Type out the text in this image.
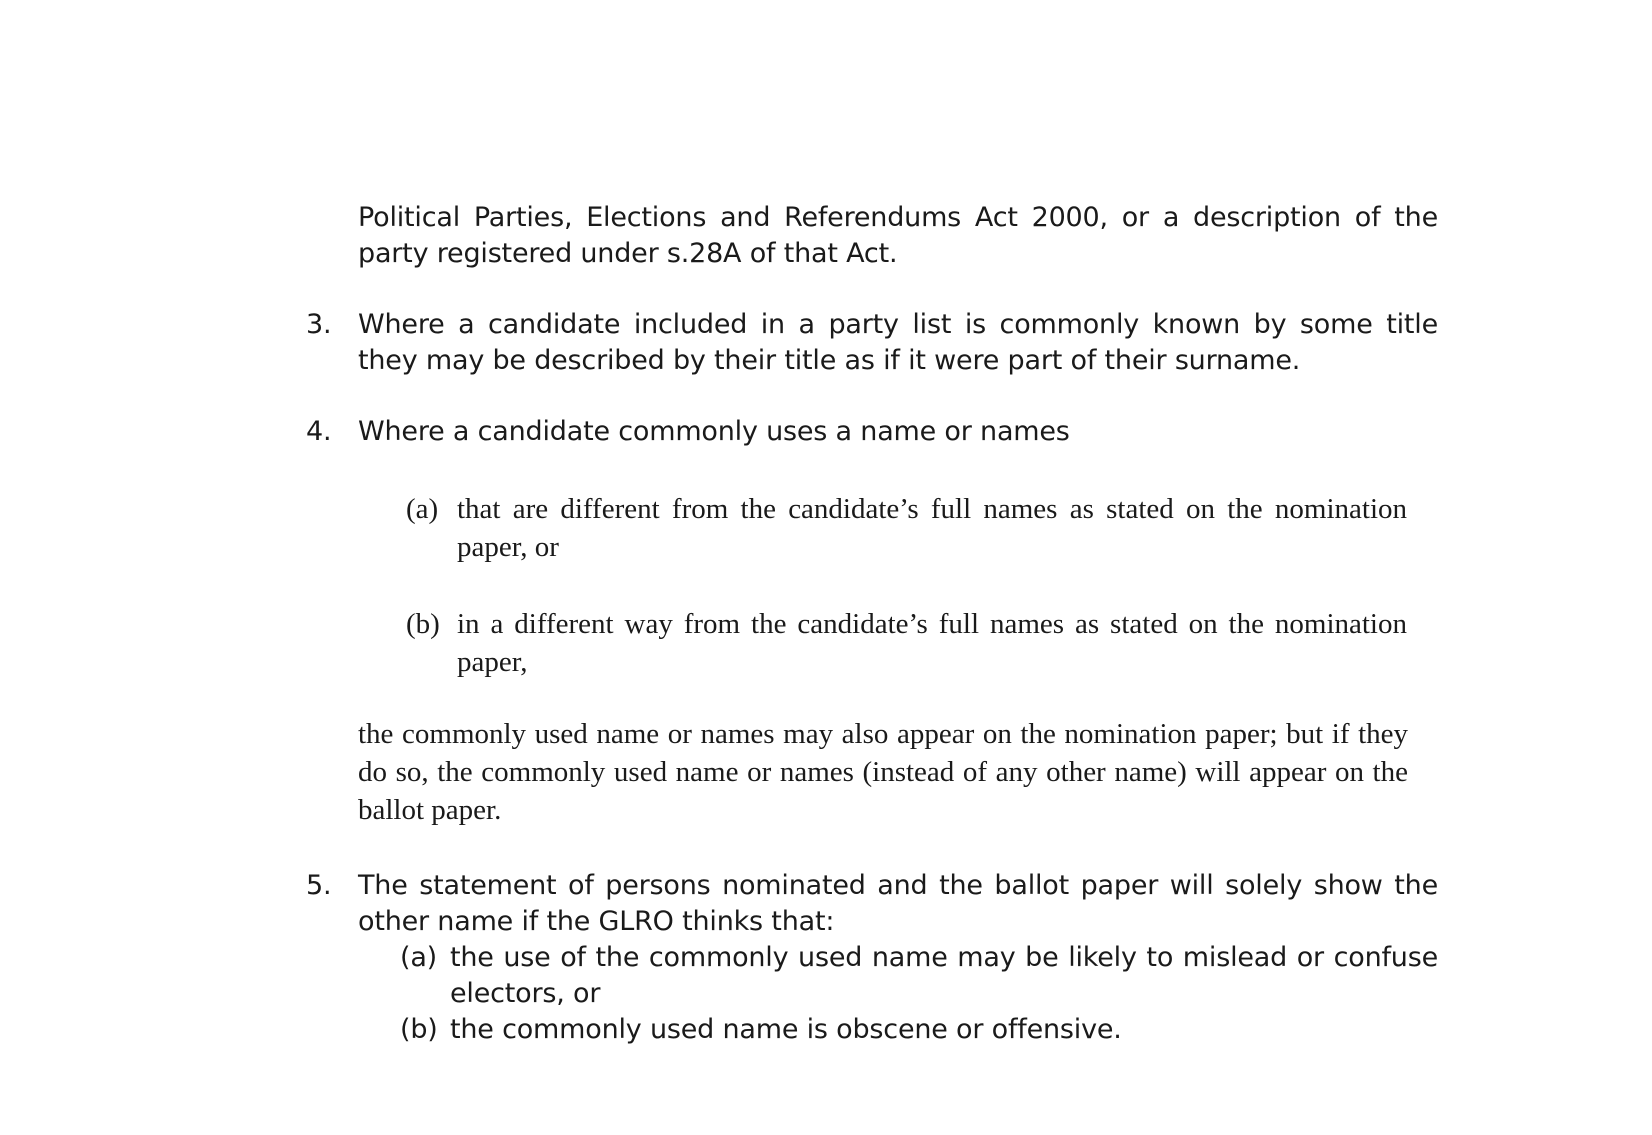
Political Parties, Elections and Referendums Act 2000, or a description of the party registered under s.28A of that Act.

3. Where a candidate included in a party list is commonly known by some title they may be described by their title as if it were part of their surname.

4. Where a candidate commonly uses a name or names

(a) that are different from the candidate’s full names as stated on the nomination paper, or

(b) in a different way from the candidate’s full names as stated on the nomination paper,

the commonly used name or names may also appear on the nomination paper; but if they do so, the commonly used name or names (instead of any other name) will appear on the ballot paper.

5. The statement of persons nominated and the ballot paper will solely show the other name if the GLRO thinks that:

(a) the use of the commonly used name may be likely to mislead or confuse electors, or

(b) the commonly used name is obscene or offensive.
